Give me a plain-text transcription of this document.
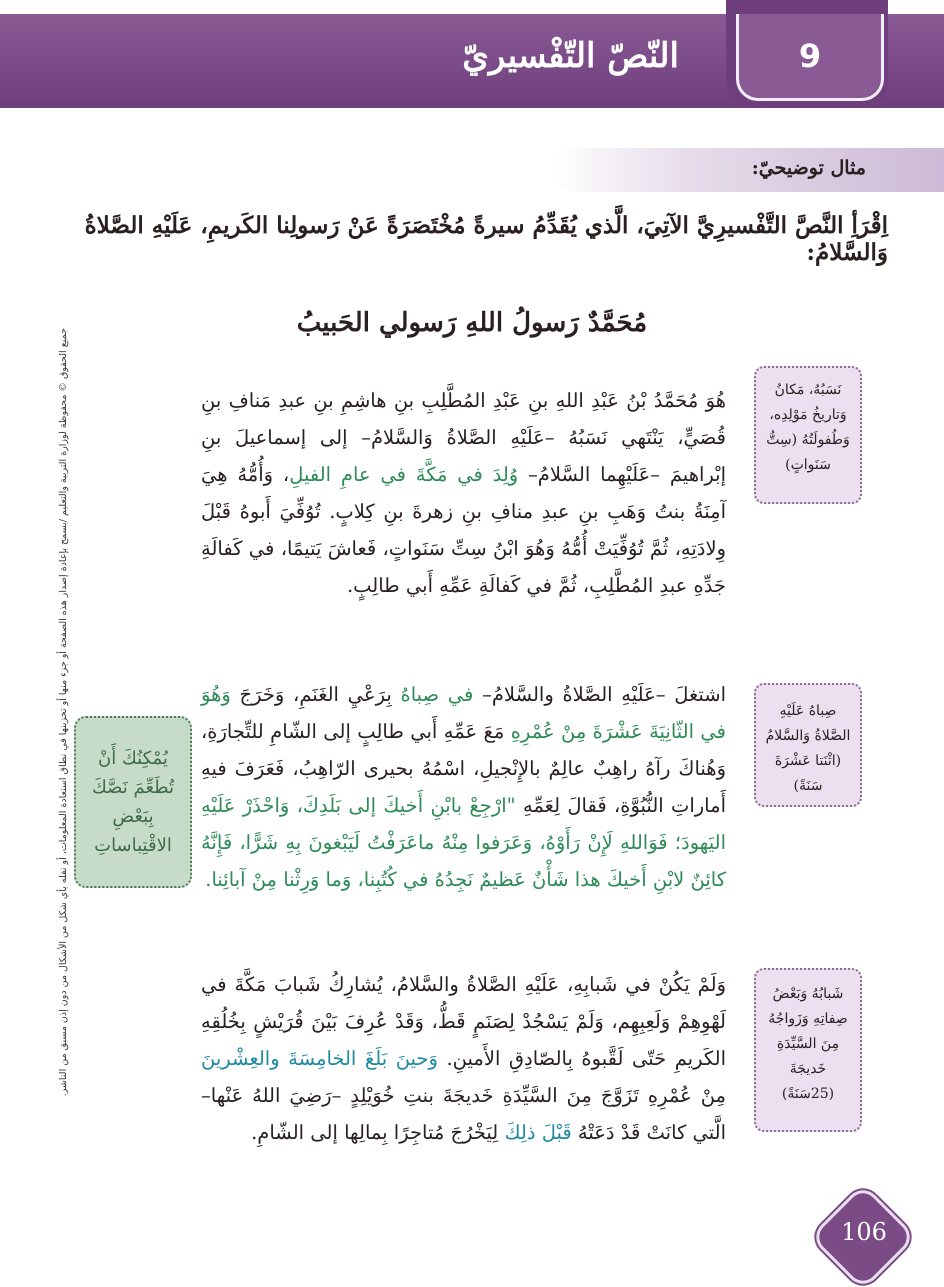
9
النّصّ التّفْسيريّ
مثال توضيحيّ:
اِقْرَأِ النَّصَّ التَّفْسيرِيَّ الآتِيَ، الَّذي يُقَدِّمُ سيرةً مُخْتَصَرَةً عَنْ رَسولِنا الكَريمِ، عَلَيْهِ الصَّلاةُ وَالسَّلامُ:
مُحَمَّدٌ رَسولُ اللهِ رَسولي الحَبيبُ
جميع الحقوق © محفوظة لوزارة التربية والتعليم /يسمح بإعادة إصدار هذه الصفحة أو جزء منها أو تخزينها في نطاق استعادة المعلومات، أو نقله بأي شكل من الأشكال من دون إذن مسبق من الناشر.	هُوَ مُحَمَّدُ بْنُ عَبْدِ اللهِ بنِ عَبْدِ المُطَّلِبِ بنِ هاشِمِ بنِ عبدِ مَنافِ بنِ قُصَيٍّ، يَنْتَهي نَسَبُهُ –عَلَيْهِ الصَّلاةُ وَالسَّلامُ– إلى إسماعيلَ بنِ إبْراهيمَ –عَلَيْهِما السَّلامُ– وُلِدَ في مَكَّةَ في عامِ الفيلِ، وَأُمُّهُ هِيَ آمِنَةُ بنتُ وَهَبِ بنِ عبدِ منافِ بنِ زهرةَ بنِ كِلابٍ. تُوُفِّيَ أَبوهُ قَبْلَ وِلادَتِهِ، ثُمَّ تُوُفِّيَتْ أُمُّهُ وَهُوَ ابْنُ سِتِّ سَنَواتٍ، فَعاشَ يَتيمًا، في كَفالَةِ جَدِّهِ عبدِ المُطَّلِبِ، ثُمَّ في كَفالَةِ عَمِّهِ أَبي طالِبٍ.
اشتغلَ –عَلَيْهِ الصَّلاةُ والسَّلامُ– في صِباهُ بِرَعْيِ الغَنَمِ، وَخَرَجَ وَهُوَ في الثّانِيَةَ عَشْرَةَ مِنْ عُمْرِهِ مَعَ عَمِّهِ أَبي طالِبٍ إلى الشّامِ للتِّجارَةِ، وَهُناكَ رآهُ راهِبٌ عالِمٌ بالإِنْجيلِ، اسْمُهُ بحيرى الرّاهِبُ، فَعَرَفَ فيهِ أَماراتِ النُّبُوَّةِ، فَقالَ لِعَمِّهِ "ارْجِعْ بابْنِ أَخيكَ إلى بَلَدِكَ، وَاحْذَرْ عَلَيْهِ اليَهودَ؛ فَوَاللهِ لَإِنْ رَأَوْهُ، وَعَرَفوا مِنْهُ ماعَرَفْتُ لَيَبْغونَ بِهِ شَرًّا، فَإِنَّهُ كائِنٌ لابْنِ أَخيكَ هذا شَأْنٌ عَظيمٌ نَجِدُهُ في كُتُبِنا، وَما وَرِثْنا مِنْ آبائِنا.
وَلَمْ يَكُنْ في شَبابِهِ، عَلَيْهِ الصَّلاةُ والسَّلامُ، يُشارِكُ شَبابَ مَكَّةَ في لَهْوِهِمْ وَلَعِبِهِم، وَلَمْ يَسْجُدْ لِصَنَمٍ قَطُّ، وَقَدْ عُرِفَ بَيْنَ قُرَيْشٍ بِخُلُقِهِ الكَريمِ حَتّى لَقَّبوهُ بِالصّادِقِ الأَمينِ. وَحينَ بَلَغَ الخامِسَةَ والعِشْرينَ مِنْ عُمْرِهِ تَزَوَّجَ مِنَ السَّيِّدَةِ خَديجَةَ بنتِ خُوَيْلِدٍ –رَضِيَ اللهُ عَنْها– الَّتي كانَتْ قَدْ دَعَتْهُ قَبْلَ ذلِكَ لِيَخْرُجَ مُتاجِرًا بِمالِها إلى الشّامِ.
نَسَبُهُ، مَكانُ وَتاريخُ مَوْلِدِه، وَطُفولَتُهُ (سِتُّ سَنَواتٍ)
صِباهُ عَلَيْهِ الصَّلاةُ وَالسَّلامُ (اثْنَتا عَشْرَةَ سَنَةً)
شَبابُهُ وَبَعْضُ صِفاتِهِ وَزَواجُهُ مِنَ السَّيِّدَةِ خَديجَةَ (25سَنَةً)
يُمْكِنُكَ أَنْ تُطَعِّمَ نَصَّكَ بِبَعْضِ الاقْتِباساتِ
106
